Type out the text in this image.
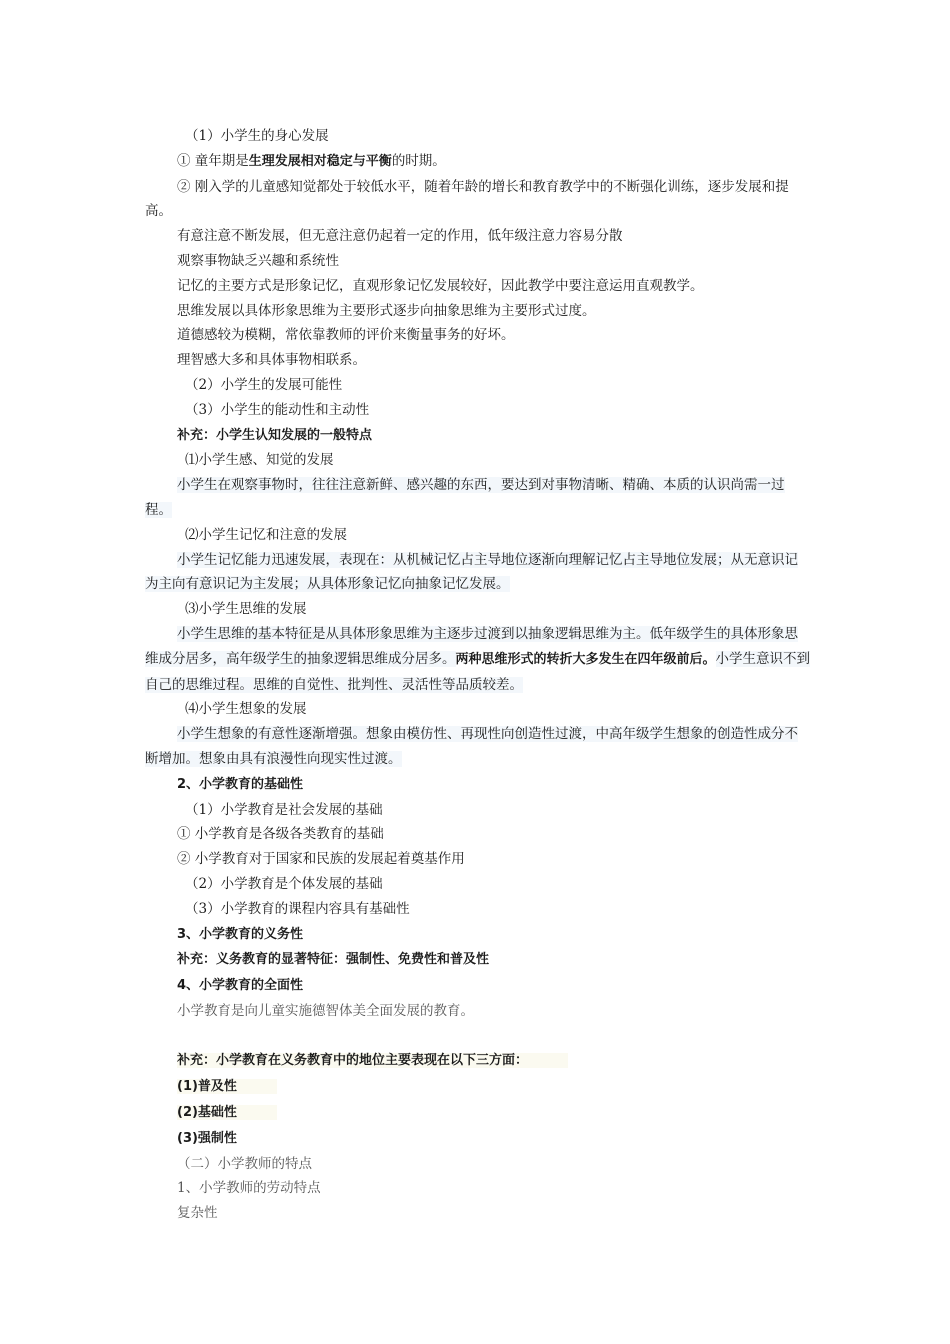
（1）小学生的身心发展

① 童年期是生理发展相对稳定与平衡的时期。

② 刚入学的儿童感知觉都处于较低水平，随着年龄的增长和教育教学中的不断强化训练，逐步发展和提高。

有意注意不断发展，但无意注意仍起着一定的作用，低年级注意力容易分散

观察事物缺乏兴趣和系统性

记忆的主要方式是形象记忆，直观形象记忆发展较好，因此教学中要注意运用直观教学。

思维发展以具体形象思维为主要形式逐步向抽象思维为主要形式过度。

道德感较为模糊，常依靠教师的评价来衡量事务的好坏。

理智感大多和具体事物相联系。

（2）小学生的发展可能性

（3）小学生的能动性和主动性

补充：小学生认知发展的一般特点

⑴小学生感、知觉的发展

小学生在观察事物时，往往注意新鲜、感兴趣的东西，要达到对事物清晰、精确、本质的认识尚需一过程。

⑵小学生记忆和注意的发展

小学生记忆能力迅速发展，表现在：从机械记忆占主导地位逐渐向理解记忆占主导地位发展；从无意识记为主向有意识记为主发展；从具体形象记忆向抽象记忆发展。

⑶小学生思维的发展

小学生思维的基本特征是从具体形象思维为主逐步过渡到以抽象逻辑思维为主。低年级学生的具体形象思维成分居多，高年级学生的抽象逻辑思维成分居多。两种思维形式的转折大多发生在四年级前后。小学生意识不到自己的思维过程。思维的自觉性、批判性、灵活性等品质较差。

⑷小学生想象的发展

小学生想象的有意性逐渐增强。想象由模仿性、再现性向创造性过渡，中高年级学生想象的创造性成分不断增加。想象由具有浪漫性向现实性过渡。

2、小学教育的基础性

（1）小学教育是社会发展的基础

① 小学教育是各级各类教育的基础

② 小学教育对于国家和民族的发展起着奠基作用

（2）小学教育是个体发展的基础

（3）小学教育的课程内容具有基础性

3、小学教育的义务性

补充：义务教育的显著特征：强制性、免费性和普及性

4、小学教育的全面性

小学教育是向儿童实施德智体美全面发展的教育。

补充：小学教育在义务教育中的地位主要表现在以下三方面：

(1)普及性

(2)基础性

(3)强制性

（二）小学教师的特点

1、小学教师的劳动特点

复杂性
